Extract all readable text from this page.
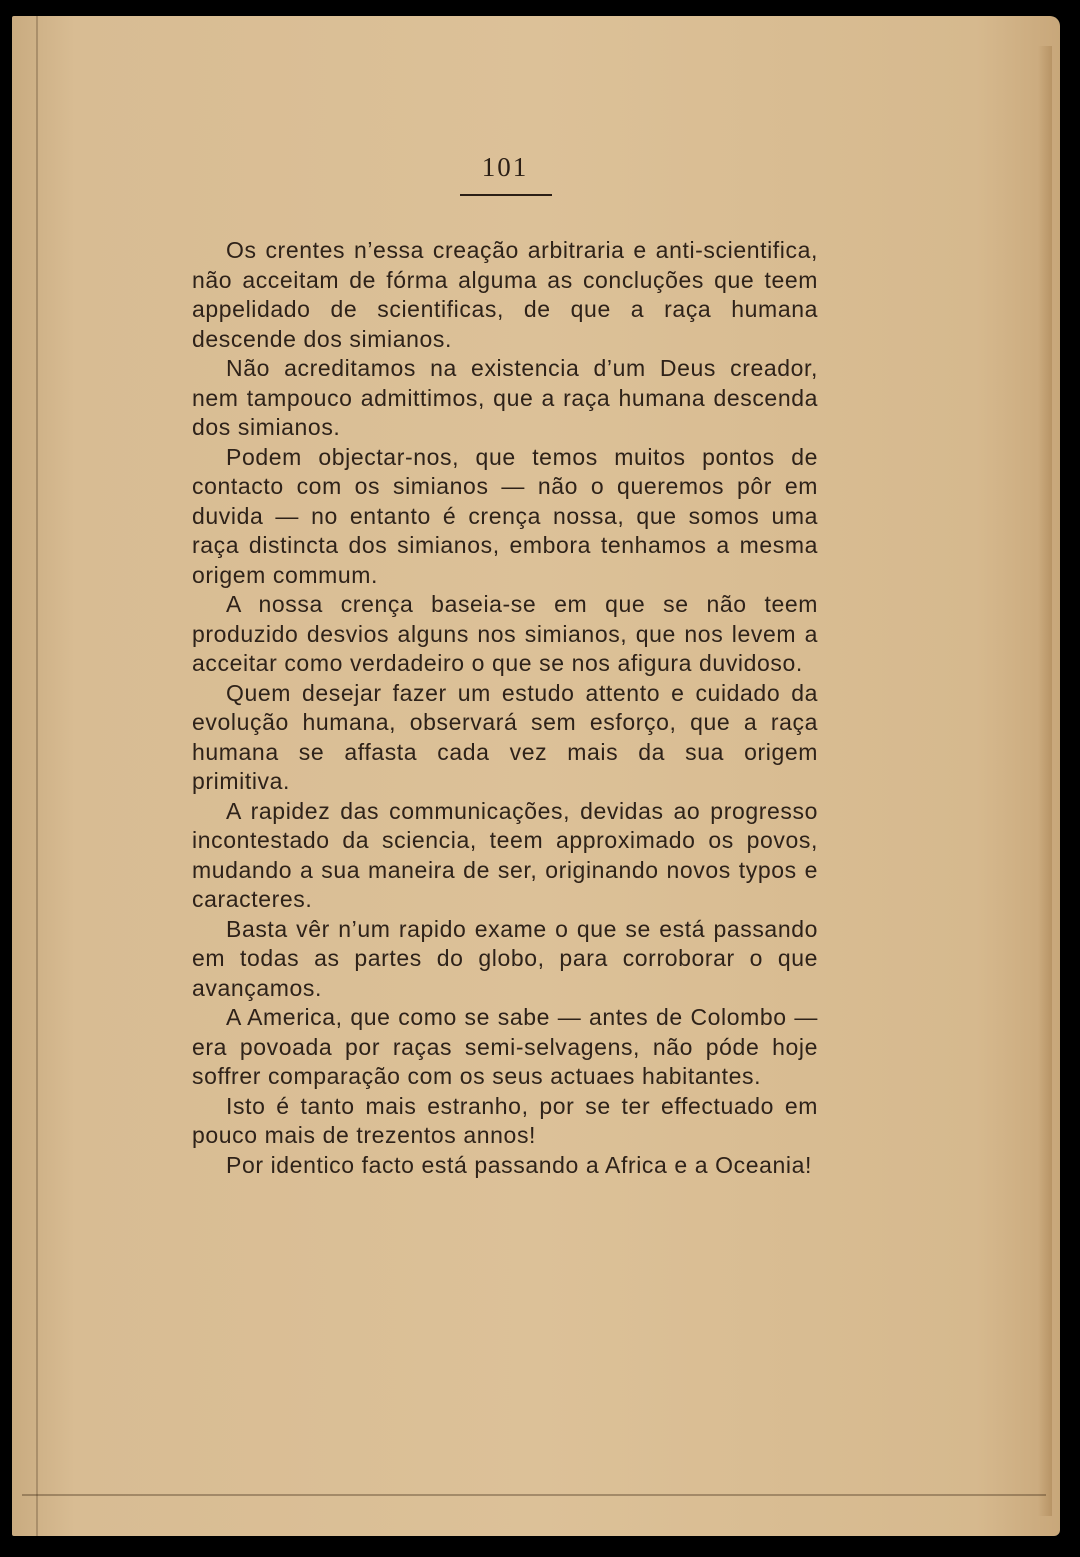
101

Os crentes n’essa creação arbitraria e anti-scientifica, não acceitam de fórma alguma as concluções que teem appelidado de scientificas, de que a raça humana descende dos simianos.

Não acreditamos na existencia d’um Deus creador, nem tampouco admittimos, que a raça humana descenda dos simianos.

Podem objectar-nos, que temos muitos pontos de contacto com os simianos — não o queremos pôr em duvida — no entanto é crença nossa, que somos uma raça distincta dos simianos, embora tenhamos a mesma origem commum.

A nossa crença baseia-se em que se não teem produzido desvios alguns nos simianos, que nos levem a acceitar como verdadeiro o que se nos afigura duvidoso.

Quem desejar fazer um estudo attento e cuidado da evolução humana, observará sem esforço, que a raça humana se affasta cada vez mais da sua origem primitiva.

A rapidez das communicações, devidas ao progresso incontestado da sciencia, teem approximado os povos, mudando a sua maneira de ser, originando novos typos e caracteres.

Basta vêr n’um rapido exame o que se está passando em todas as partes do globo, para corroborar o que avançamos.

A America, que como se sabe — antes de Colombo — era povoada por raças semi-selvagens, não póde hoje soffrer comparação com os seus actuaes habitantes.

Isto é tanto mais estranho, por se ter effectuado em pouco mais de trezentos annos!

Por identico facto está passando a Africa e a Oceania!
